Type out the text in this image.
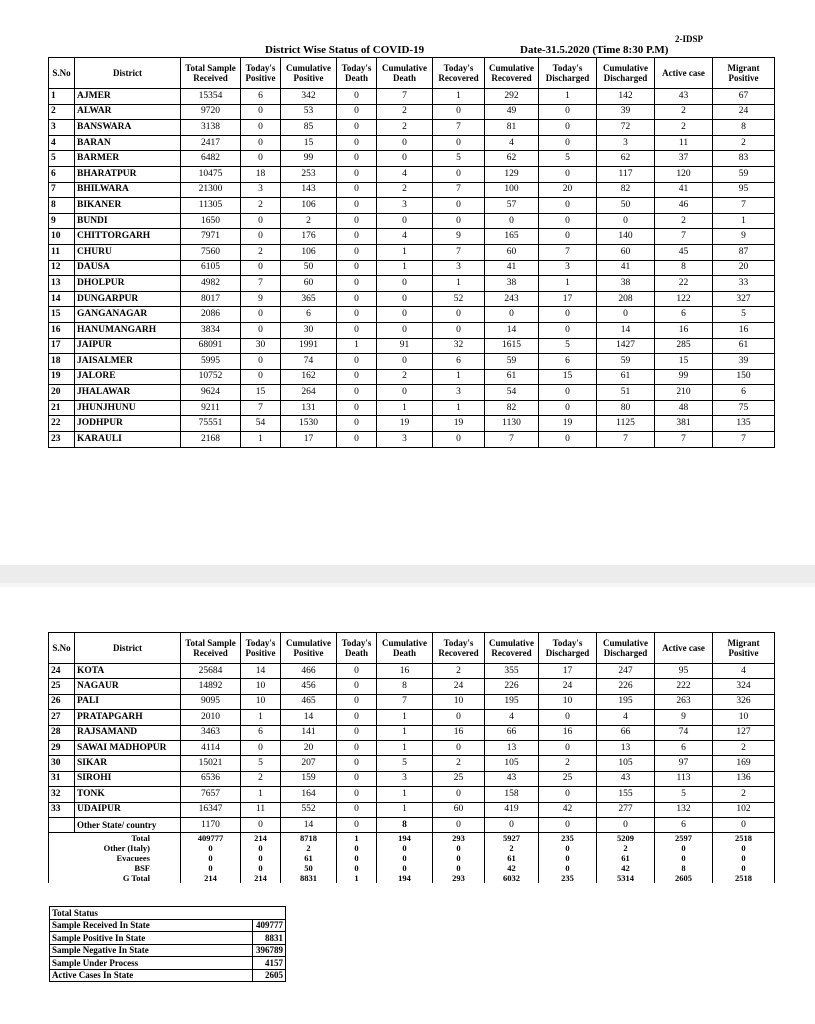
2-IDSP
District Wise Status of COVID-19	Date-31.5.2020 (Time 8:30 P.M)
S.No	District	Total Sample Received	Today's Positive	Cumulative Positive	Today's Death	Cumulative Death	Today's Recovered	Cumulative Recovered	Today's Discharged	Cumulative Discharged	Active case	Migrant Positive
1	AJMER	15354	6	342	0	7	1	292	1	142	43	67
2	ALWAR	9720	0	53	0	2	0	49	0	39	2	24
3	BANSWARA	3138	0	85	0	2	7	81	0	72	2	8
4	BARAN	2417	0	15	0	0	0	4	0	3	11	2
5	BARMER	6482	0	99	0	0	5	62	5	62	37	83
6	BHARATPUR	10475	18	253	0	4	0	129	0	117	120	59
7	BHILWARA	21300	3	143	0	2	7	100	20	82	41	95
8	BIKANER	11305	2	106	0	3	0	57	0	50	46	7
9	BUNDI	1650	0	2	0	0	0	0	0	0	2	1
10	CHITTORGARH	7971	0	176	0	4	9	165	0	140	7	9
11	CHURU	7560	2	106	0	1	7	60	7	60	45	87
12	DAUSA	6105	0	50	0	1	3	41	3	41	8	20
13	DHOLPUR	4982	7	60	0	0	1	38	1	38	22	33
14	DUNGARPUR	8017	9	365	0	0	52	243	17	208	122	327
15	GANGANAGAR	2086	0	6	0	0	0	0	0	0	6	5
16	HANUMANGARH	3834	0	30	0	0	0	14	0	14	16	16
17	JAIPUR	68091	30	1991	1	91	32	1615	5	1427	285	61
18	JAISALMER	5995	0	74	0	0	6	59	6	59	15	39
19	JALORE	10752	0	162	0	2	1	61	15	61	99	150
20	JHALAWAR	9624	15	264	0	0	3	54	0	51	210	6
21	JHUNJHUNU	9211	7	131	0	1	1	82	0	80	48	75
22	JODHPUR	75551	54	1530	0	19	19	1130	19	1125	381	135
23	KARAULI	2168	1	17	0	3	0	7	0	7	7	7
S.No	District	Total Sample Received	Today's Positive	Cumulative Positive	Today's Death	Cumulative Death	Today's Recovered	Cumulative Recovered	Today's Discharged	Cumulative Discharged	Active case	Migrant Positive
24	KOTA	25684	14	466	0	16	2	355	17	247	95	4
25	NAGAUR	14892	10	456	0	8	24	226	24	226	222	324
26	PALI	9095	10	465	0	7	10	195	10	195	263	326
27	PRATAPGARH	2010	1	14	0	1	0	4	0	4	9	10
28	RAJSAMAND	3463	6	141	0	1	16	66	16	66	74	127
29	SAWAI MADHOPUR	4114	0	20	0	1	0	13	0	13	6	2
30	SIKAR	15021	5	207	0	5	2	105	2	105	97	169
31	SIROHI	6536	2	159	0	3	25	43	25	43	113	136
32	TONK	7657	1	164	0	1	0	158	0	155	5	2
33	UDAIPUR	16347	11	552	0	1	60	419	42	277	132	102
	Other State/ country	1170	0	14	0	8	0	0	0	0	6	0
Total		409777	214	8718	1	194	293	5927	235	5209	2597	2518
Other (Italy)		0	0	2	0	0	0	2	0	2	0	0
Evacuees		0	0	61	0	0	0	61	0	61	0	0
BSF		0	0	50	0	0	0	42	0	42	8	0
G Total		214	214	8831	1	194	293	6032	235	5314	2605	2518
Total Status	
Sample Received In State	409777
Sample Positive In State	8831
Sample Negative In State	396789
Sample Under Process	4157
Active Cases In State	2605
